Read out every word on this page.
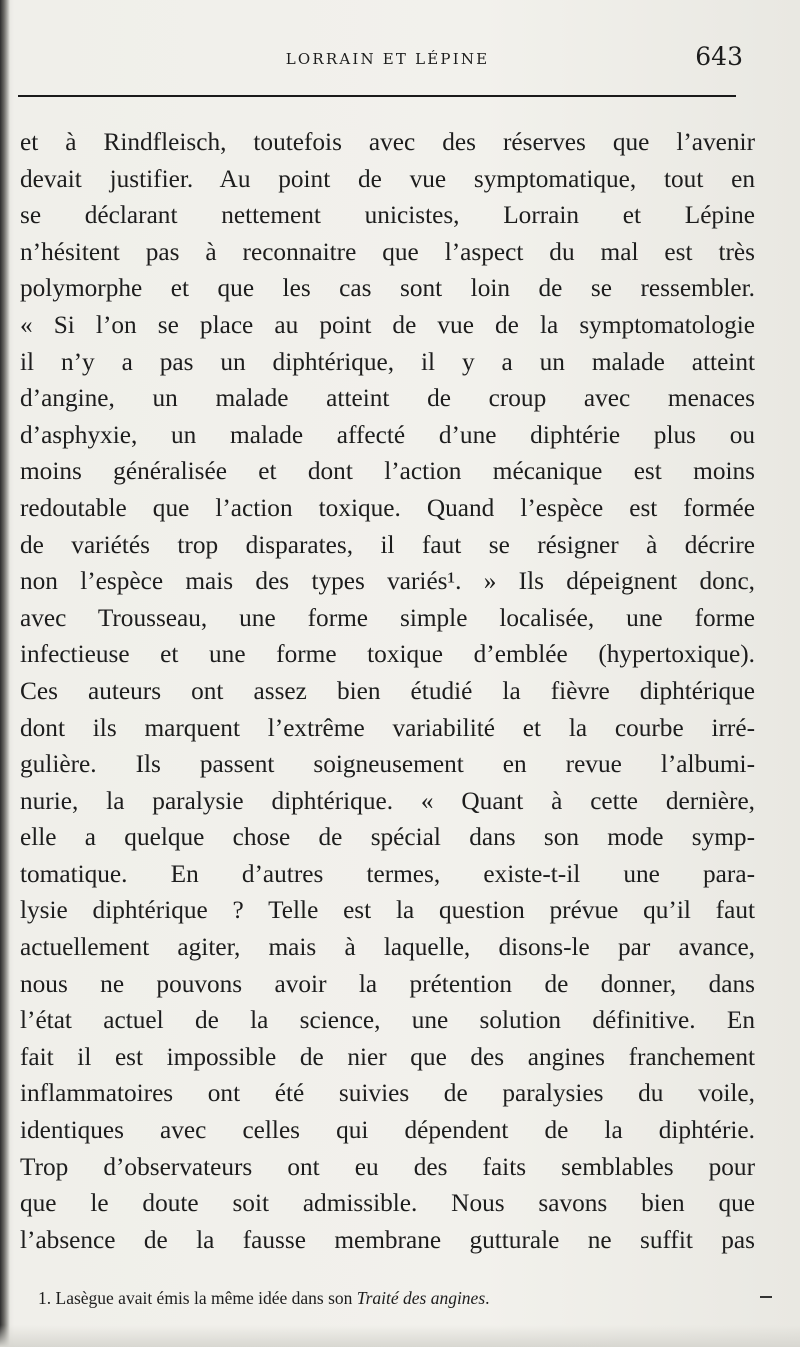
LORRAIN ET LÉPINE	643
et à Rindfleisch, toutefois avec des réserves que l’avenir
devait justifier. Au point de vue symptomatique, tout en
se déclarant nettement unicistes, Lorrain et Lépine
n’hésitent pas à reconnaitre que l’aspect du mal est très
polymorphe et que les cas sont loin de se ressembler.
« Si l’on se place au point de vue de la symptomatologie
il n’y a pas un diphtérique, il y a un malade atteint
d’angine, un malade atteint de croup avec menaces
d’asphyxie, un malade affecté d’une diphtérie plus ou
moins généralisée et dont l’action mécanique est moins
redoutable que l’action toxique. Quand l’espèce est formée
de variétés trop disparates, il faut se résigner à décrire
non l’espèce mais des types variés¹. » Ils dépeignent donc,
avec Trousseau, une forme simple localisée, une forme
infectieuse et une forme toxique d’emblée (hypertoxique).
Ces auteurs ont assez bien étudié la fièvre diphtérique
dont ils marquent l’extrême variabilité et la courbe irré-
gulière. Ils passent soigneusement en revue l’albumi-
nurie, la paralysie diphtérique. « Quant à cette dernière,
elle a quelque chose de spécial dans son mode symp-
tomatique. En d’autres termes, existe-t-il une para-
lysie diphtérique ? Telle est la question prévue qu’il faut
actuellement agiter, mais à laquelle, disons-le par avance,
nous ne pouvons avoir la prétention de donner, dans
l’état actuel de la science, une solution définitive. En
fait il est impossible de nier que des angines franchement
inflammatoires ont été suivies de paralysies du voile,
identiques avec celles qui dépendent de la diphtérie.
Trop d’observateurs ont eu des faits semblables pour
que le doute soit admissible. Nous savons bien que
l’absence de la fausse membrane gutturale ne suffit pas
1. Lasègue avait émis la même idée dans son Traité des angines.
